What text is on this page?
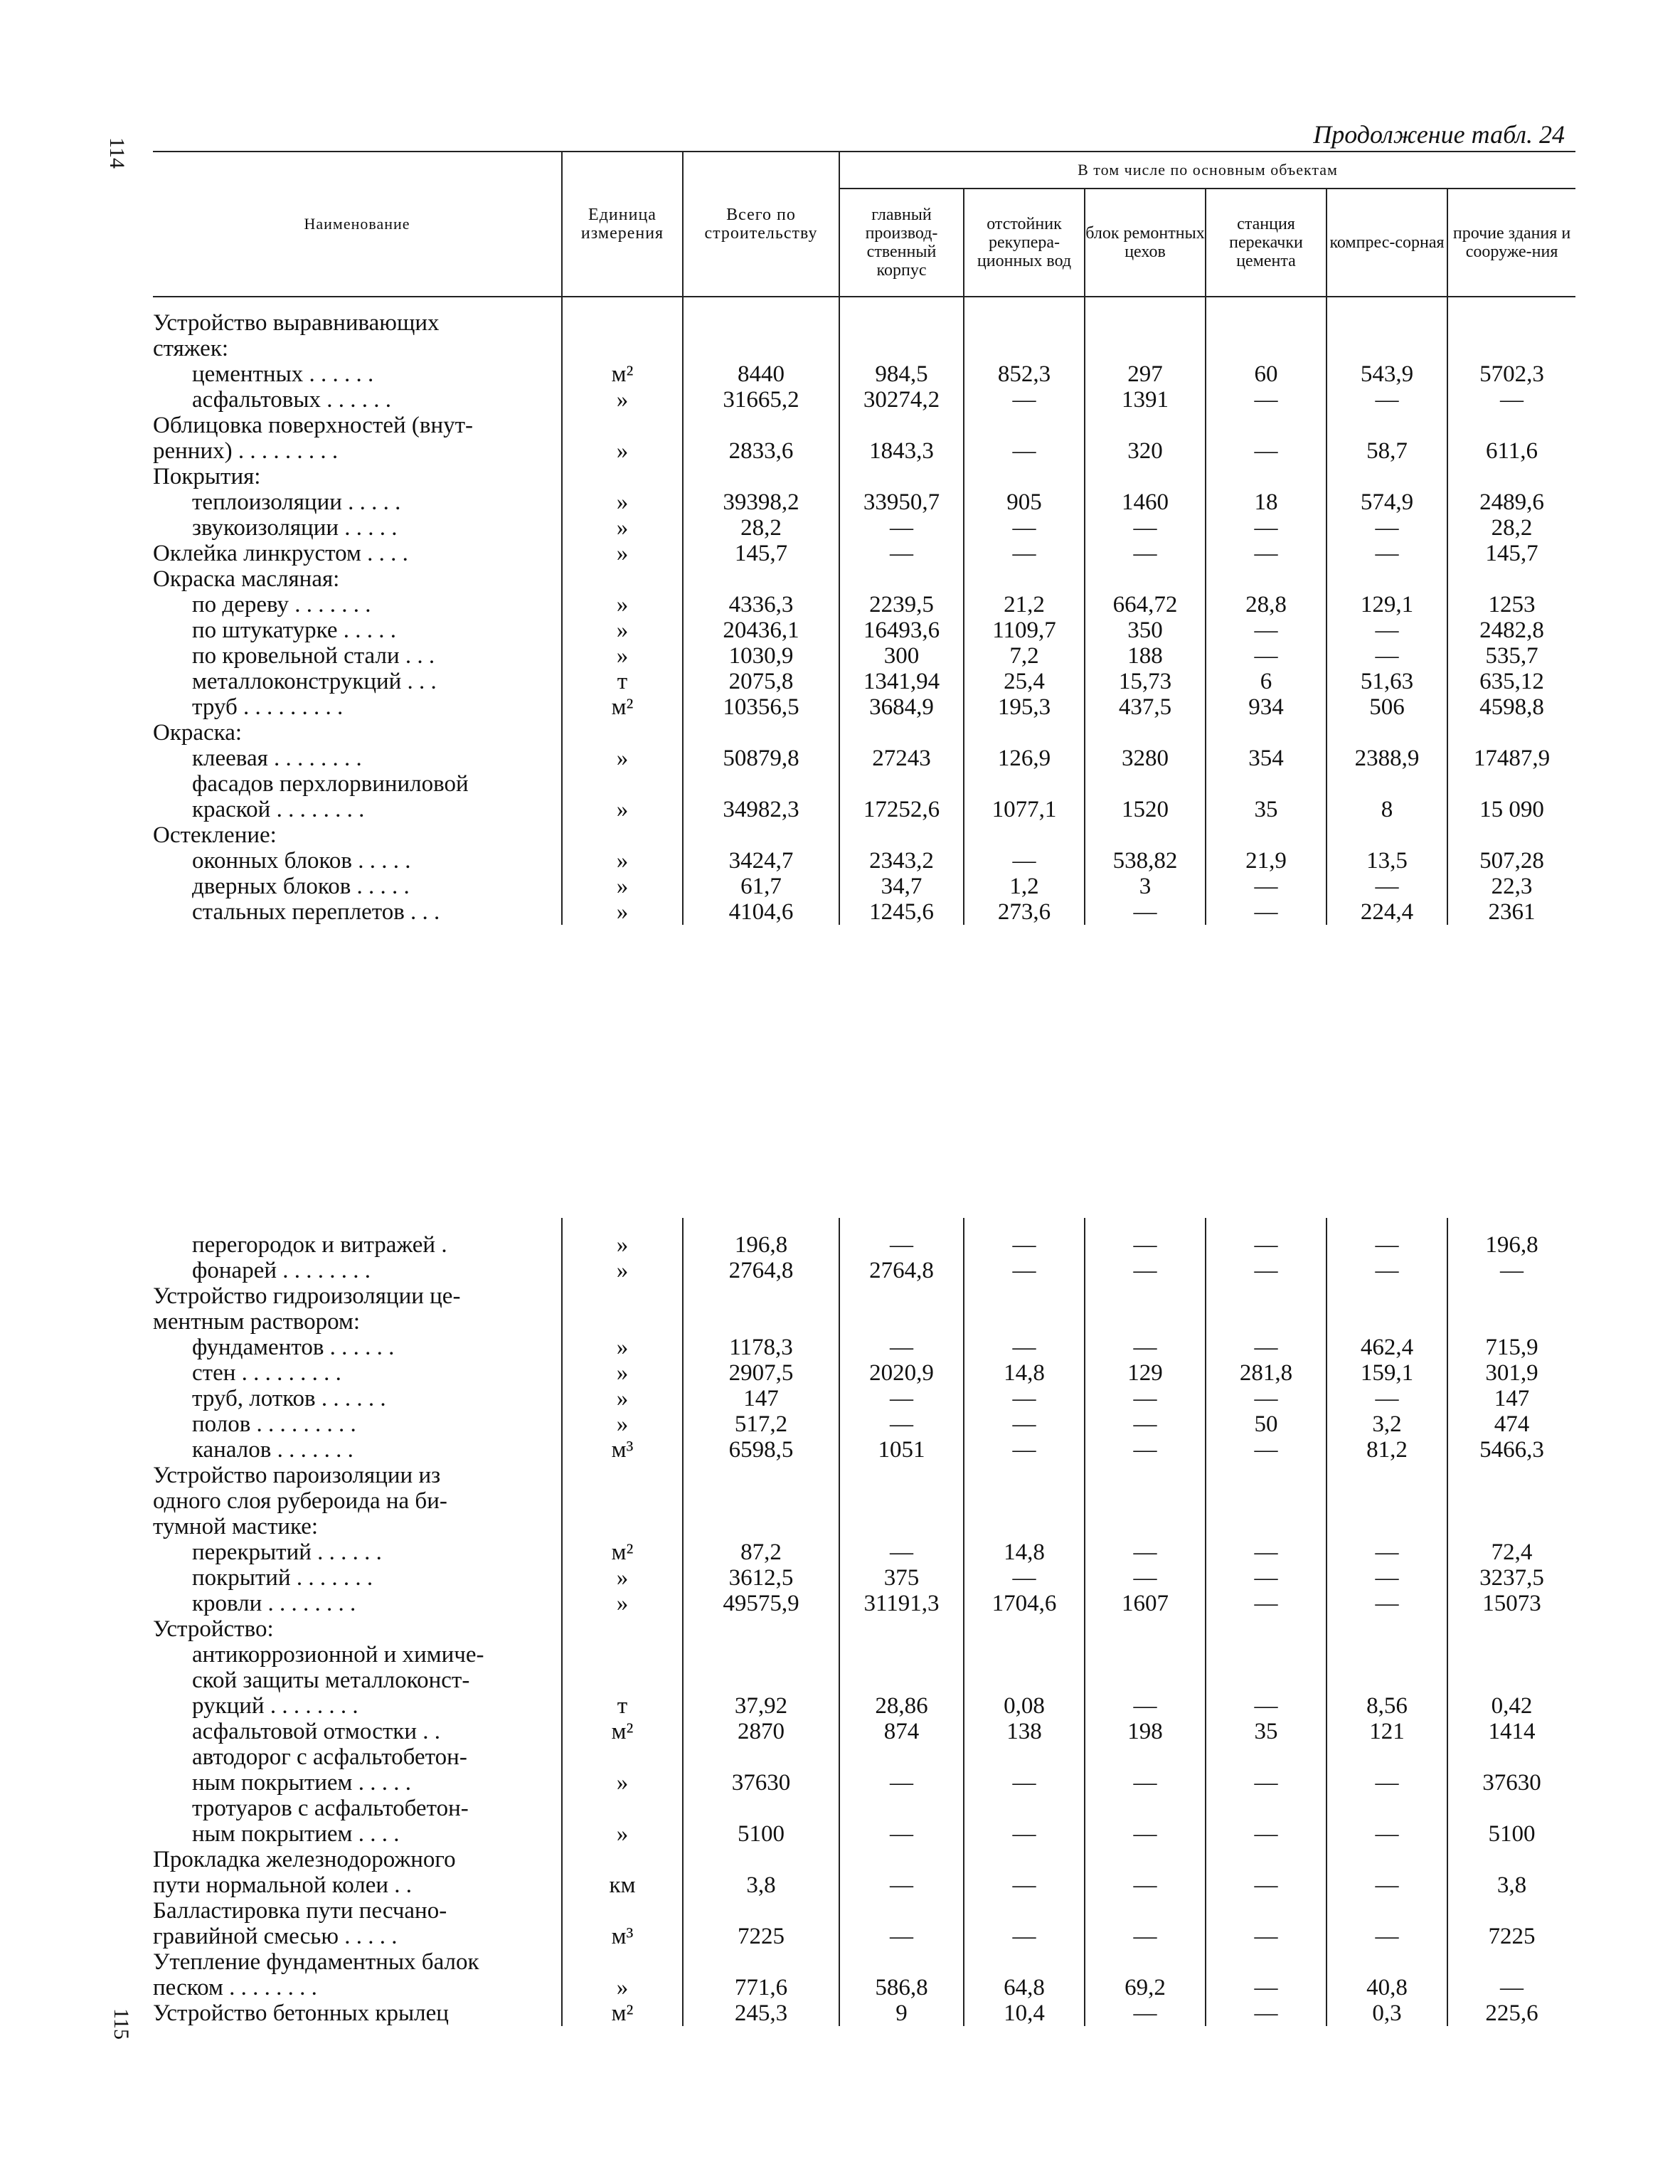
114
Продолжение табл. 24
Наименование	Единица измерения	Всего по строительству	В том числе по основным объектам					
			главный производ-ственный корпус	отстойник рекупера-ционных вод	блок ремонтных цехов	станция перекачки цемента	компрес-сорная	прочие здания и сооруже-ния

Устройство выравнивающих								
стяжек:								
цементных . . . . . .	м²	8440	984,5	852,3	297	60	543,9	5702,3
асфальтовых . . . . . .	»	31665,2	30274,2	—	1391	—	—	—
Облицовка поверхностей (внут-								
ренних) . . . . . . . . .	»	2833,6	1843,3	—	320	—	58,7	611,6
Покрытия:								
теплоизоляции . . . . .	»	39398,2	33950,7	905	1460	18	574,9	2489,6
звукоизоляции . . . . .	»	28,2	—	—	—	—	—	28,2
Оклейка линкрустом . . . .	»	145,7	—	—	—	—	—	145,7
Окраска масляная:								
по дереву . . . . . . .	»	4336,3	2239,5	21,2	664,72	28,8	129,1	1253
по штукатурке . . . . .	»	20436,1	16493,6	1109,7	350	—	—	2482,8
по кровельной стали . . .	»	1030,9	300	7,2	188	—	—	535,7
металлоконструкций . . .	т	2075,8	1341,94	25,4	15,73	6	51,63	635,12
труб . . . . . . . . .	м²	10356,5	3684,9	195,3	437,5	934	506	4598,8
Окраска:								
клеевая . . . . . . . .	»	50879,8	27243	126,9	3280	354	2388,9	17487,9
фасадов перхлорвиниловой								
краской . . . . . . . .	»	34982,3	17252,6	1077,1	1520	35	8	15 090
Остекление:								
оконных блоков . . . . .	»	3424,7	2343,2	—	538,82	21,9	13,5	507,28
дверных блоков . . . . .	»	61,7	34,7	1,2	3	—	—	22,3
стальных переплетов . . .	»	4104,6	1245,6	273,6	—	—	224,4	2361

перегородок и витражей .	»	196,8	—	—	—	—	—	196,8
фонарей . . . . . . . .	»	2764,8	2764,8	—	—	—	—	—
Устройство гидроизоляции це-								
ментным раствором:								
фундаментов . . . . . .	»	1178,3	—	—	—	—	462,4	715,9
стен . . . . . . . . .	»	2907,5	2020,9	14,8	129	281,8	159,1	301,9
труб, лотков . . . . . .	»	147	—	—	—	—	—	147
полов . . . . . . . . .	»	517,2	—	—	—	50	3,2	474
каналов . . . . . . .	м³	6598,5	1051	—	—	—	81,2	5466,3
Устройство пароизоляции из								
одного слоя рубероида на би-								
тумной мастике:								
перекрытий . . . . . .	м²	87,2	—	14,8	—	—	—	72,4
покрытий . . . . . . .	»	3612,5	375	—	—	—	—	3237,5
кровли . . . . . . . .	»	49575,9	31191,3	1704,6	1607	—	—	15073
Устройство:								
антикоррозионной и химиче-								
ской защиты металлоконст-								
рукций . . . . . . . .	т	37,92	28,86	0,08	—	—	8,56	0,42
асфальтовой отмостки . .	м²	2870	874	138	198	35	121	1414
автодорог с асфальтобетон-								
ным покрытием . . . . .	»	37630	—	—	—	—	—	37630
тротуаров с асфальтобетон-								
ным покрытием . . . .	»	5100	—	—	—	—	—	5100
Прокладка железнодорожного								
пути нормальной колеи . .	км	3,8	—	—	—	—	—	3,8
Балластировка пути песчано-								
гравийной смесью . . . . .	м³	7225	—	—	—	—	—	7225
Утепление фундаментных балок								
песком . . . . . . . .	»	771,6	586,8	64,8	69,2	—	40,8	—
Устройство бетонных крылец	м²	245,3	9	10,4	—	—	0,3	225,6
115
